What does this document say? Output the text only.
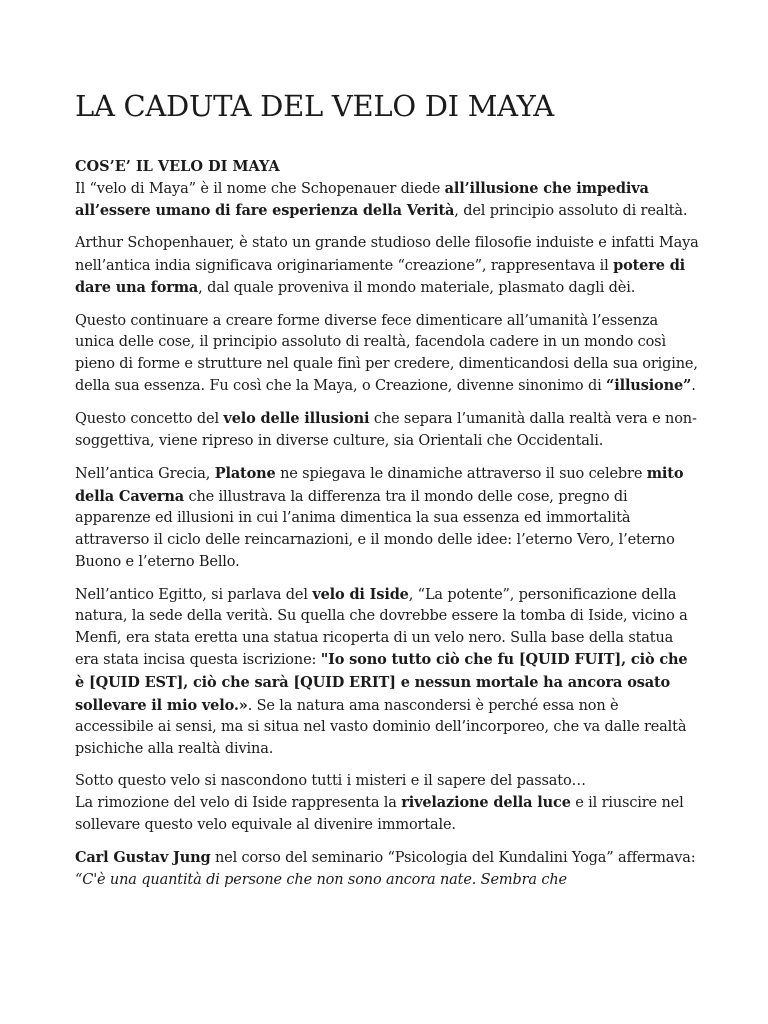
LA CADUTA DEL VELO DI MAYA
COS’E’ IL VELO DI MAYA

Il “velo di Maya” è il nome che Schopenauer diede all’illusione che impediva all’essere umano di fare esperienza della Verità, del principio assoluto di realtà.

Arthur Schopenhauer, è stato un grande studioso delle filosofie induiste e infatti Maya nell’antica india significava originariamente “creazione”, rappresentava il potere di dare una forma, dal quale proveniva il mondo materiale, plasmato dagli dèi.

Questo continuare a creare forme diverse fece dimenticare all’umanità l’essenza unica delle cose, il principio assoluto di realtà, facendola cadere in un mondo così pieno di forme e strutture nel quale finì per credere, dimenticandosi della sua origine, della sua essenza. Fu così che la Maya, o Creazione, divenne sinonimo di “illusione”.

Questo concetto del velo delle illusioni che separa l’umanità dalla realtà vera e non-soggettiva, viene ripreso in diverse culture, sia Orientali che Occidentali.

Nell’antica Grecia, Platone ne spiegava le dinamiche attraverso il suo celebre mito della Caverna che illustrava la differenza tra il mondo delle cose, pregno di apparenze ed illusioni in cui l’anima dimentica la sua essenza ed immortalità attraverso il ciclo delle reincarnazioni, e il mondo delle idee: l’eterno Vero, l’eterno Buono e l’eterno Bello.

Nell’antico Egitto, si parlava del velo di Iside, “La potente”, personificazione della natura, la sede della verità. Su quella che dovrebbe essere la tomba di Iside, vicino a Menfi, era stata eretta una statua ricoperta di un velo nero. Sulla base della statua era stata incisa questa iscrizione: "Io sono tutto ciò che fu [QUID FUIT], ciò che è [QUID EST], ciò che sarà [QUID ERIT] e nessun mortale ha ancora osato sollevare il mio velo.». Se la natura ama nascondersi è perché essa non è accessibile ai sensi, ma si situa nel vasto dominio dell’incorporeo, che va dalle realtà psichiche alla realtà divina.

Sotto questo velo si nascondono tutti i misteri e il sapere del passato…
La rimozione del velo di Iside rappresenta la rivelazione della luce e il riuscire nel sollevare questo velo equivale al divenire immortale.

Carl Gustav Jung nel corso del seminario “Psicologia del Kundalini Yoga” affermava: “C'è una quantità di persone che non sono ancora nate. Sembra che
